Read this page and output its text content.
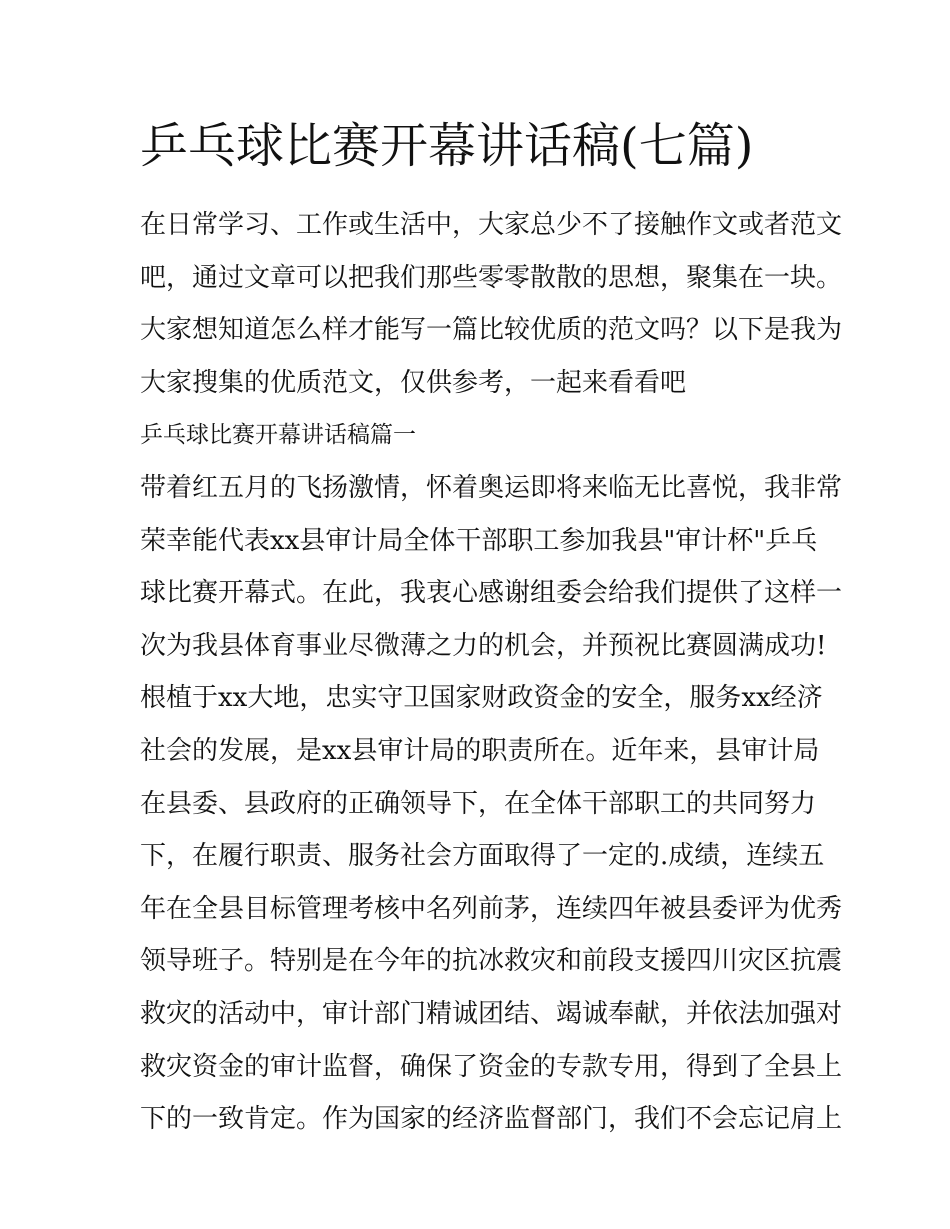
乒乓球比赛开幕讲话稿(七篇)
在日常学习、工作或生活中，大家总少不了接触作文或者范文
吧，通过文章可以把我们那些零零散散的思想，聚集在一块。
大家想知道怎么样才能写一篇比较优质的范文吗？以下是我为
大家搜集的优质范文，仅供参考，一起来看看吧
乒乓球比赛开幕讲话稿篇一
带着红五月的飞扬激情，怀着奥运即将来临无比喜悦，我非常
荣幸能代表xx县审计局全体干部职工参加我县"审计杯"乒乓
球比赛开幕式。在此，我衷心感谢组委会给我们提供了这样一
次为我县体育事业尽微薄之力的机会，并预祝比赛圆满成功!
根植于xx大地，忠实守卫国家财政资金的安全，服务xx经济
社会的发展，是xx县审计局的职责所在。近年来，县审计局
在县委、县政府的正确领导下，在全体干部职工的共同努力
下，在履行职责、服务社会方面取得了一定的.成绩，连续五
年在全县目标管理考核中名列前茅，连续四年被县委评为优秀
领导班子。特别是在今年的抗冰救灾和前段支援四川灾区抗震
救灾的活动中，审计部门精诚团结、竭诚奉献，并依法加强对
救灾资金的审计监督，确保了资金的专款专用，得到了全县上
下的一致肯定。作为国家的经济监督部门，我们不会忘记肩上
